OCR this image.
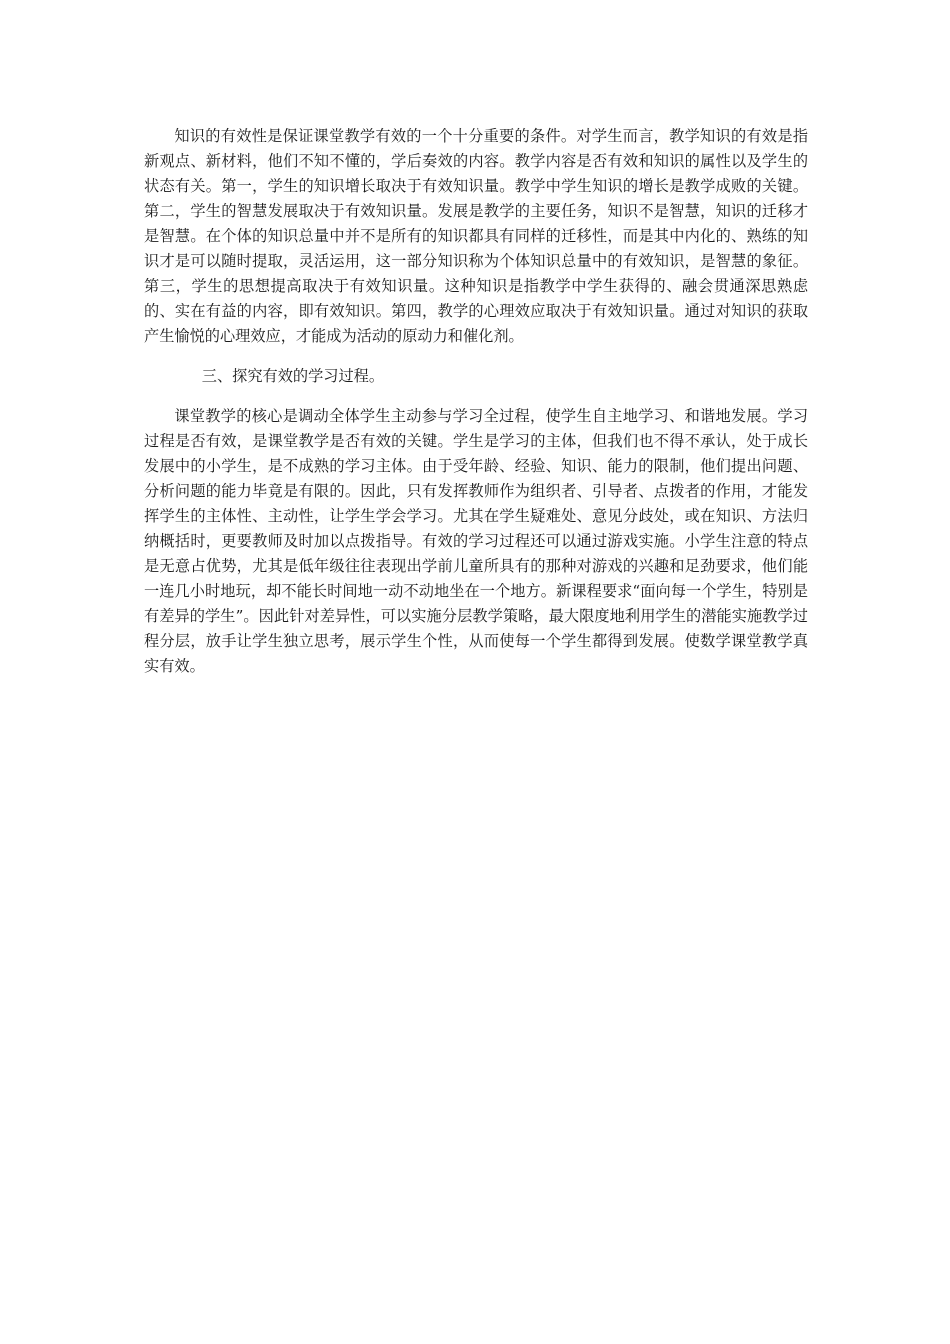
知识的有效性是保证课堂教学有效的一个十分重要的条件。对学生而言，教学知识的有效是指新观点、新材料，他们不知不懂的，学后奏效的内容。教学内容是否有效和知识的属性以及学生的状态有关。第一，学生的知识增长取决于有效知识量。教学中学生知识的增长是教学成败的关键。第二，学生的智慧发展取决于有效知识量。发展是教学的主要任务，知识不是智慧，知识的迁移才是智慧。在个体的知识总量中并不是所有的知识都具有同样的迁移性，而是其中内化的、熟练的知识才是可以随时提取，灵活运用，这一部分知识称为个体知识总量中的有效知识，是智慧的象征。第三，学生的思想提高取决于有效知识量。这种知识是指教学中学生获得的、融会贯通深思熟虑的、实在有益的内容，即有效知识。第四，教学的心理效应取决于有效知识量。通过对知识的获取产生愉悦的心理效应，才能成为活动的原动力和催化剂。

三、探究有效的学习过程。

课堂教学的核心是调动全体学生主动参与学习全过程，使学生自主地学习、和谐地发展。学习过程是否有效，是课堂教学是否有效的关键。学生是学习的主体，但我们也不得不承认，处于成长发展中的小学生，是不成熟的学习主体。由于受年龄、经验、知识、能力的限制，他们提出问题、分析问题的能力毕竟是有限的。因此，只有发挥教师作为组织者、引导者、点拨者的作用，才能发挥学生的主体性、主动性，让学生学会学习。尤其在学生疑难处、意见分歧处，或在知识、方法归纳概括时，更要教师及时加以点拨指导。有效的学习过程还可以通过游戏实施。小学生注意的特点是无意占优势，尤其是低年级往往表现出学前儿童所具有的那种对游戏的兴趣和足劲要求，他们能一连几小时地玩，却不能长时间地一动不动地坐在一个地方。新课程要求“面向每一个学生，特别是有差异的学生”。因此针对差异性，可以实施分层教学策略，最大限度地利用学生的潜能实施教学过程分层，放手让学生独立思考，展示学生个性，从而使每一个学生都得到发展。使数学课堂教学真实有效。
